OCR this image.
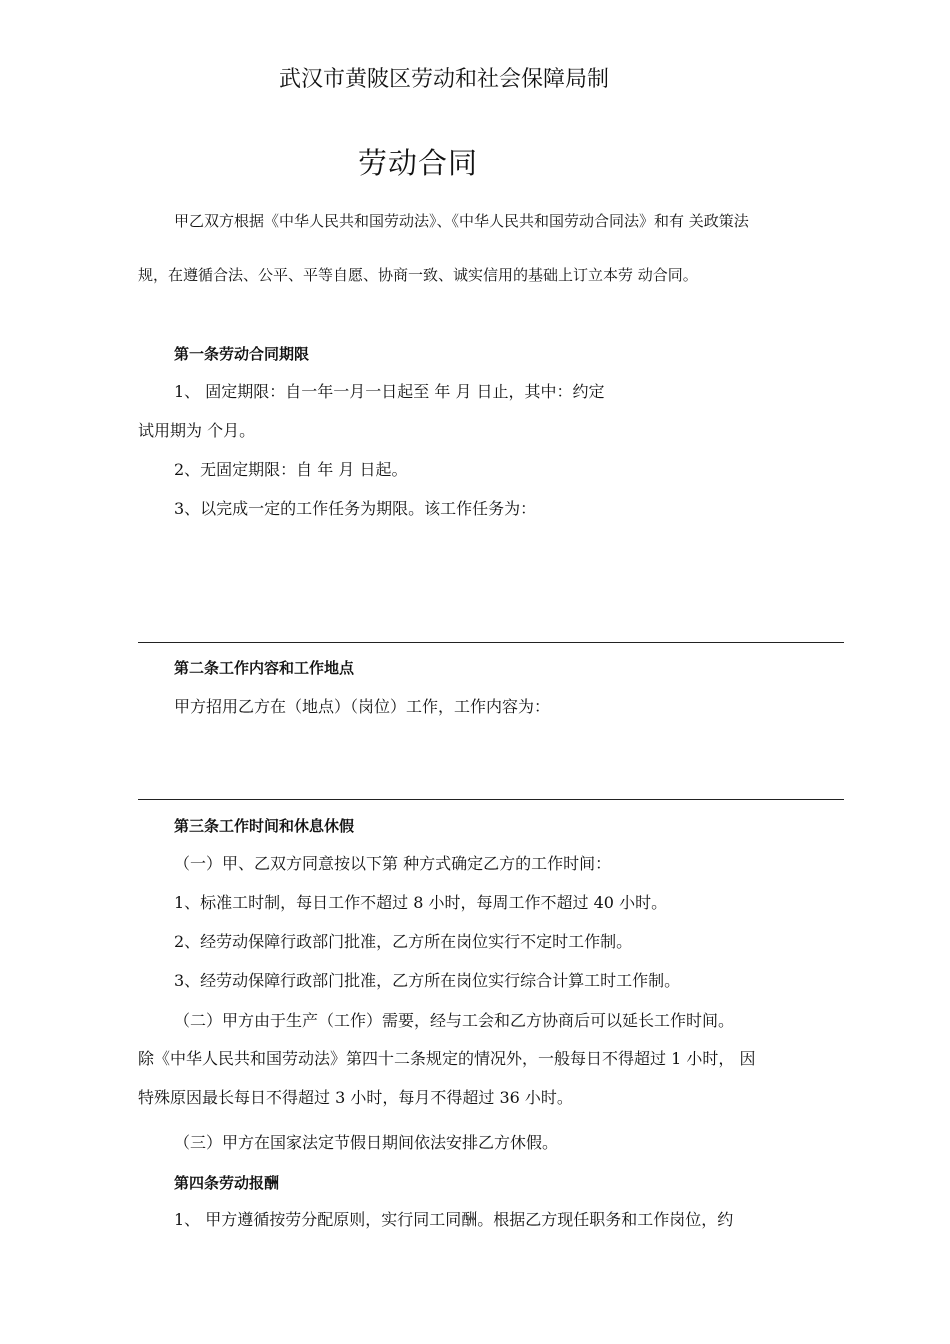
武汉市黄陂区劳动和社会保障局制
劳动合同
甲乙双方根据《中华人民共和国劳动法》、《中华人民共和国劳动合同法》和有 关政策法
规，在遵循合法、公平、平等自愿、协商一致、诚实信用的基础上订立本劳 动合同。
第一条劳动合同期限
1、 固定期限：自一年一月一日起至 年 月 日止，其中：约定
试用期为 个月。
2、无固定期限：自 年 月 日起。
3、以完成一定的工作任务为期限。该工作任务为：
第二条工作内容和工作地点
甲方招用乙方在（地点）（岗位）工作，工作内容为：
第三条工作时间和休息休假
（一）甲、乙双方同意按以下第 种方式确定乙方的工作时间：
1、标准工时制，每日工作不超过 8 小时，每周工作不超过 40 小时。
2、经劳动保障行政部门批准，乙方所在岗位实行不定时工作制。
3、经劳动保障行政部门批准，乙方所在岗位实行综合计算工时工作制。
（二）甲方由于生产（工作）需要，经与工会和乙方协商后可以延长工作时间。
除《中华人民共和国劳动法》第四十二条规定的情况外，一般每日不得超过 1 小时， 因
特殊原因最长每日不得超过 3 小时，每月不得超过 36 小时。
（三）甲方在国家法定节假日期间依法安排乙方休假。
第四条劳动报酬
1、 甲方遵循按劳分配原则，实行同工同酬。根据乙方现任职务和工作岗位，约
